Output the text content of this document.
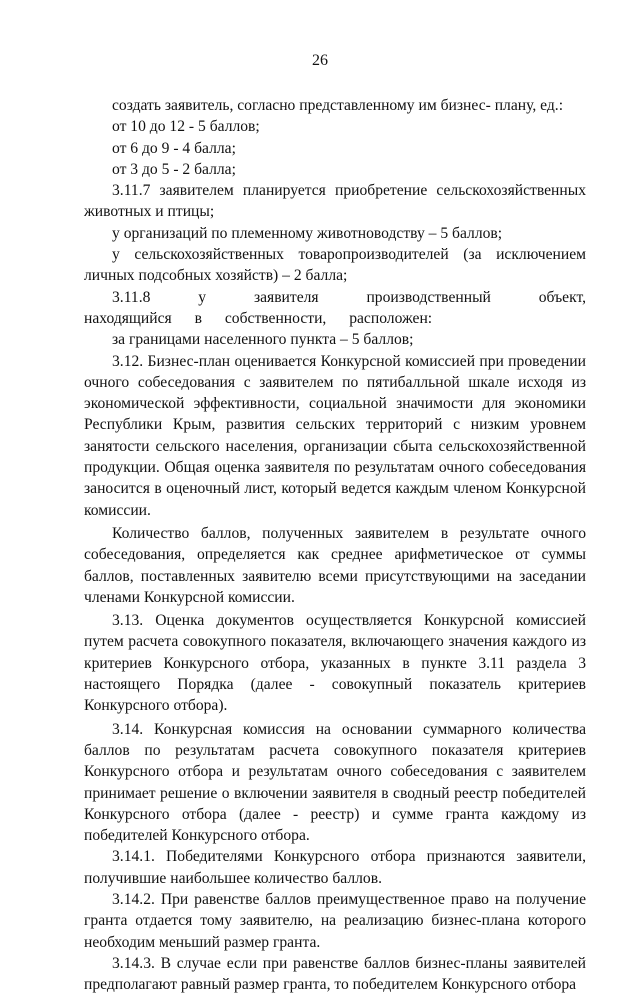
26

создать заявитель, согласно представленному им бизнес- плану, ед.:

от 10 до 12 - 5 баллов;

от 6 до 9 - 4 балла;

от 3 до 5 - 2 балла;

3.11.7 заявителем планируется приобретение сельскохозяйственных животных и птицы;

у организаций по племенному животноводству – 5 баллов;

у сельскохозяйственных товаропроизводителей (за исключением личных подсобных хозяйств) – 2 балла;

3.11.8 у заявителя производственный объект, находящийся в собственности, расположен:

за границами населенного пункта – 5 баллов;

3.12. Бизнес-план оценивается Конкурсной комиссией при проведении очного собеседования с заявителем по пятибалльной шкале исходя из экономической эффективности, социальной значимости для экономики Республики Крым, развития сельских территорий с низким уровнем занятости сельского населения, организации сбыта сельскохозяйственной продукции. Общая оценка заявителя по результатам очного собеседования заносится в оценочный лист, который ведется каждым членом Конкурсной комиссии.

Количество баллов, полученных заявителем в результате очного собеседования, определяется как среднее арифметическое от суммы баллов, поставленных заявителю всеми присутствующими на заседании членами Конкурсной комиссии.

3.13. Оценка документов осуществляется Конкурсной комиссией путем расчета совокупного показателя, включающего значения каждого из критериев Конкурсного отбора, указанных в пункте 3.11 раздела 3 настоящего Порядка (далее - совокупный показатель критериев Конкурсного отбора).

3.14. Конкурсная комиссия на основании суммарного количества баллов по результатам расчета совокупного показателя критериев Конкурсного отбора и результатам очного собеседования с заявителем принимает решение о включении заявителя в сводный реестр победителей Конкурсного отбора (далее - реестр) и сумме гранта каждому из победителей Конкурсного отбора.

3.14.1. Победителями Конкурсного отбора признаются заявители, получившие наибольшее количество баллов.

3.14.2. При равенстве баллов преимущественное право на получение гранта отдается тому заявителю, на реализацию бизнес-плана которого необходим меньший размер гранта.

3.14.3. В случае если при равенстве баллов бизнес-планы заявителей предполагают равный размер гранта, то победителем Конкурсного отбора
